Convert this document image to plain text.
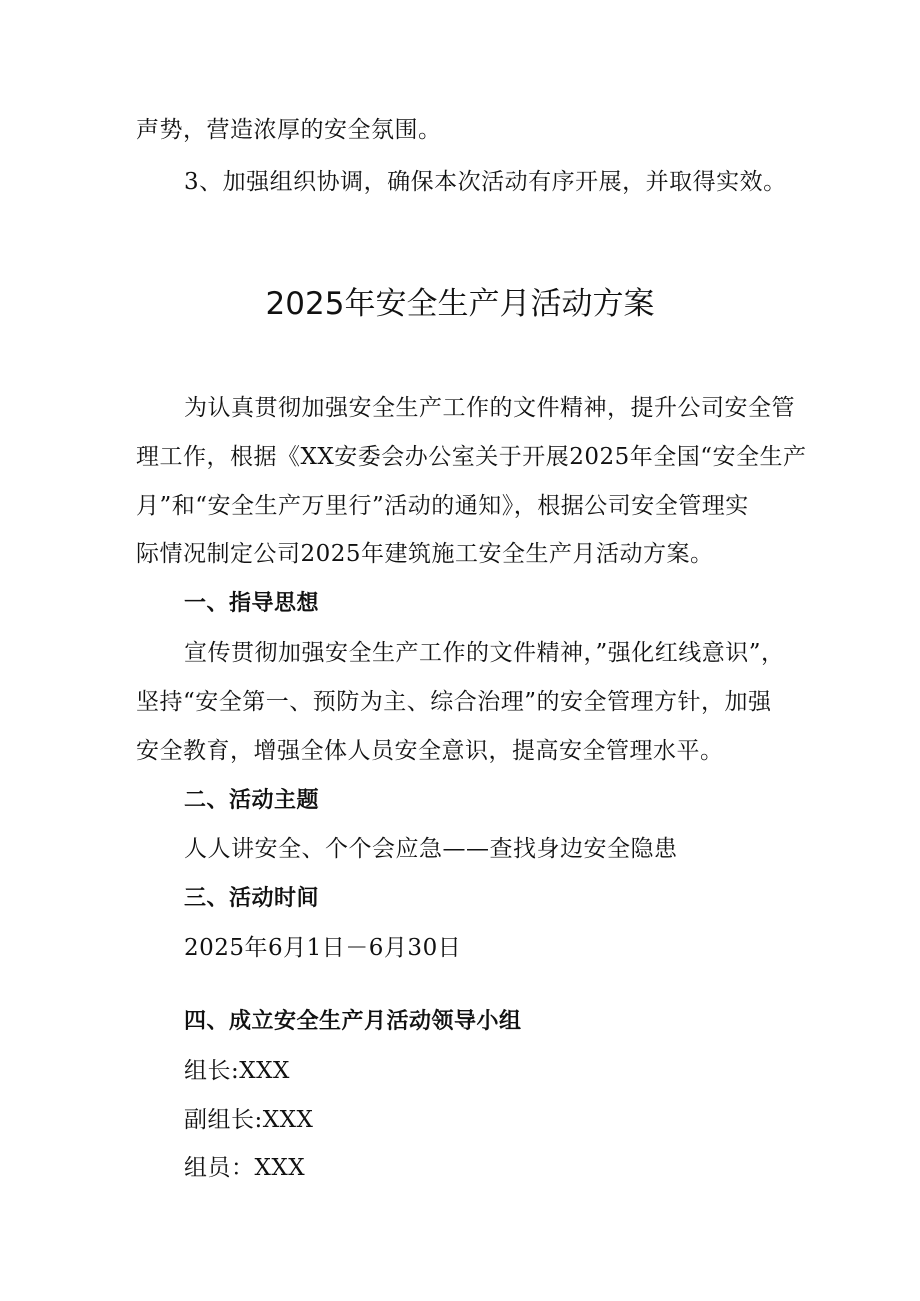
声势，营造浓厚的安全氛围。
3、加强组织协调，确保本次活动有序开展，并取得实效。
2025年安全生产月活动方案
为认真贯彻加强安全生产工作的文件精神，提升公司安全管
理工作，根据《XX安委会办公室关于开展2025年全国“安全生产
月”和“安全生产万里行”活动的通知》，根据公司安全管理实
际情况制定公司2025年建筑施工安全生产月活动方案。
一、指导思想
宣传贯彻加强安全生产工作的文件精神，”强化红线意识”，
坚持“安全第一、预防为主、综合治理”的安全管理方针，加强
安全教育，增强全体人员安全意识，提高安全管理水平。
二、活动主题
人人讲安全、个个会应急——查找身边安全隐患
三、活动时间
2025年6月1日－6月30日
四、成立安全生产月活动领导小组
组长:XXX
副组长:XXX
组员：XXX
